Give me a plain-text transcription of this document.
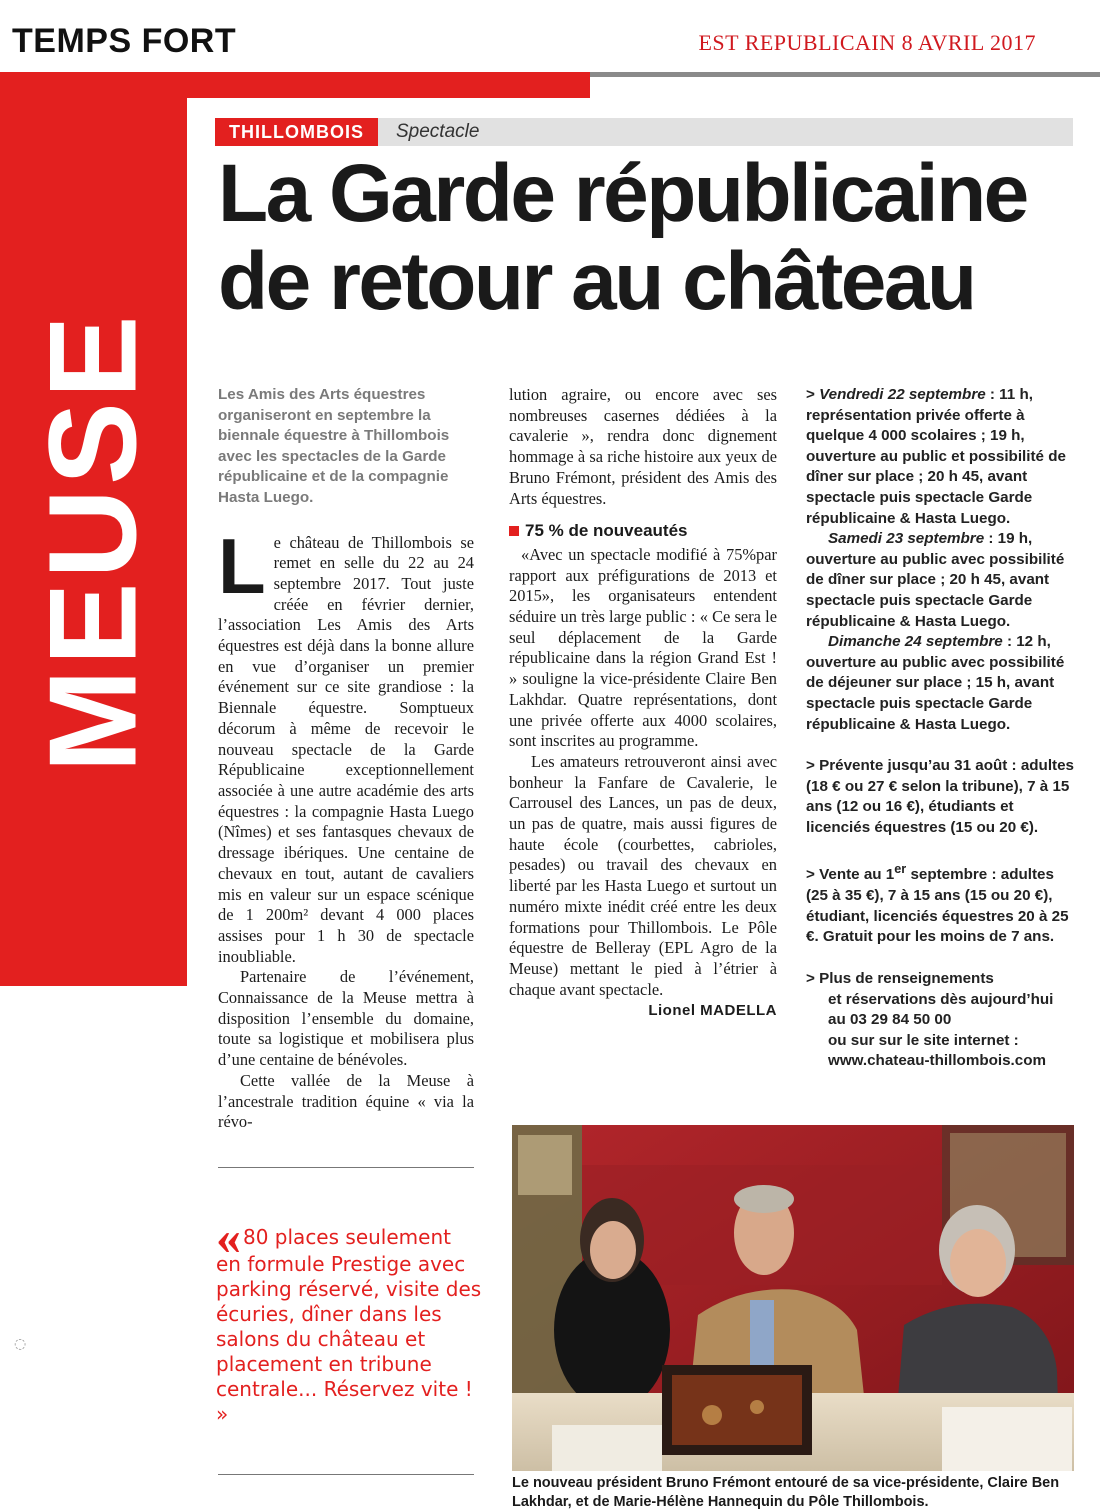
TEMPS FORT	EST REPUBLICAIN 8 AVRIL 2017
MEUSE
THILLOMBOIS	Spectacle
La Garde républicaine
de retour au château

Les Amis des Arts équestres organiseront en septembre la biennale équestre à Thillombois avec les spectacles de la Garde républicaine et de la compagnie Hasta Luego.

Le château de Thillombois se remet en selle du 22 au 24 septembre 2017. Tout juste créée en février dernier, l’association Les Amis des Arts équestres est déjà dans la bonne allure en vue d’organiser un premier événement sur ce site grandiose : la Biennale équestre. Somptueux décorum à même de recevoir le nouveau spectacle de la Garde Républicaine exceptionnellement associée à une autre académie des arts équestres : la compagnie Hasta Luego (Nîmes) et ses fantasques chevaux de dressage ibériques. Une centaine de chevaux en tout, autant de cavaliers mis en valeur sur un espace scénique de 1 200m² devant 4 000 places assises pour 1 h 30 de spectacle inoubliable.

Partenaire de l’événement, Connaissance de la Meuse mettra à disposition l’ensemble du domaine, toute sa logistique et mobilisera plus d’une centaine de bénévoles.

Cette vallée de la Meuse à l’ancestrale tradition équine « via la révo-

lution agraire, ou encore avec ses nombreuses casernes dédiées à la cavalerie », rendra donc dignement hommage à sa riche histoire aux yeux de Bruno Frémont, président des Amis des Arts équestres.

75 % de nouveautés

«Avec un spectacle modifié à 75%par rapport aux préfigurations de 2013 et 2015», les organisateurs entendent séduire un très large public : « Ce sera le seul déplacement de la Garde républicaine dans la région Grand Est ! » souligne la vice-présidente Claire Ben Lakhdar. Quatre représentations, dont une privée offerte aux 4000 scolaires, sont inscrites au programme.

Les amateurs retrouveront ainsi avec bonheur la Fanfare de Cavalerie, le Carrousel des Lances, un pas de deux, un pas de quatre, mais aussi figures de haute école (courbettes, cabrioles, pesades) ou travail des chevaux en liberté par les Hasta Luego et surtout un numéro mixte inédit créé entre les deux formations pour Thillombois. Le Pôle équestre de Belleray (EPL Agro de la Meuse) mettant le pied à l’étrier à chaque avant spectacle.

Lionel MADELLA

> Vendredi 22 septembre : 11 h, représentation privée offerte à quelque 4 000 scolaires ; 19 h, ouverture au public et possibilité de dîner sur place ; 20 h 45, avant spectacle puis spectacle Garde républicaine & Hasta Luego.

Samedi 23 septembre : 19 h, ouverture au public avec possibilité de dîner sur place ; 20 h 45, avant spectacle puis spectacle Garde républicaine & Hasta Luego.

Dimanche 24 septembre : 12 h, ouverture au public avec possibilité de déjeuner sur place ; 15 h, avant spectacle puis spectacle Garde républicaine & Hasta Luego.

> Prévente jusqu’au 31 août : adultes (18 € ou 27 € selon la tribune), 7 à 15 ans (12 ou 16 €), étudiants et licenciés équestres (15 ou 20 €).

> Vente au 1er septembre : adultes (25 à 35 €), 7 à 15 ans (15 ou 20 €), étudiant, licenciés équestres 20 à 25 €. Gratuit pour les moins de 7 ans.

> Plus de renseignements

et réservations dès aujourd’hui

au 03 29 84 50 00

ou sur sur le site internet :

www.chateau-thillombois.com

« 80 places seulement en formule Prestige avec parking réservé, visite des écuries, dîner dans les salons du château et placement en tribune centrale... Réservez vite ! »
Le nouveau président Bruno Frémont entouré de sa vice-présidente, Claire Ben Lakhdar, et de Marie-Hélène Hannequin du Pôle Thillombois.
◌
